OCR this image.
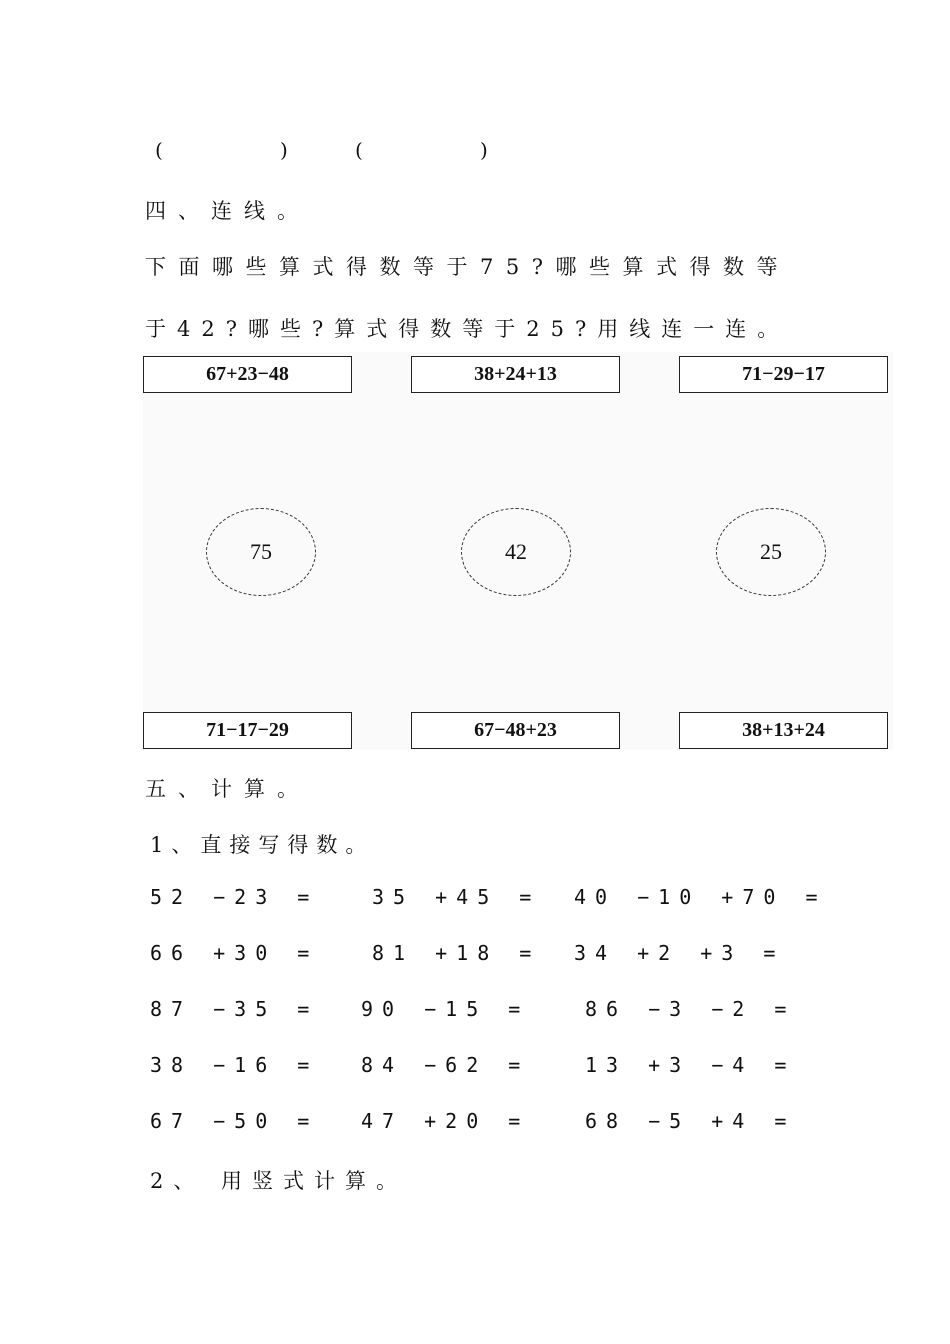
(	)	(	)
四、连线。
下面哪些算式得数等于75?哪些算式得数等
于42?哪些?算式得数等于25?用线连一连。
67+23−48	38+24+13	71−29−17
75	42	25
71−17−29	67−48+23	38+13+24
五、计算。
1、直接写得数。
52 −23 =	35 +45 = 40 −10 +70 =
66 +30 =	81 +18 = 34 +2 +3 =
87 −35 = 90 −15 =	86 −3 −2 =
38 −16 = 84 −62 =	13 +3 −4 =
67 −50 = 47 +20 =	68 −5 +4 =
2、 用竖式计算。
